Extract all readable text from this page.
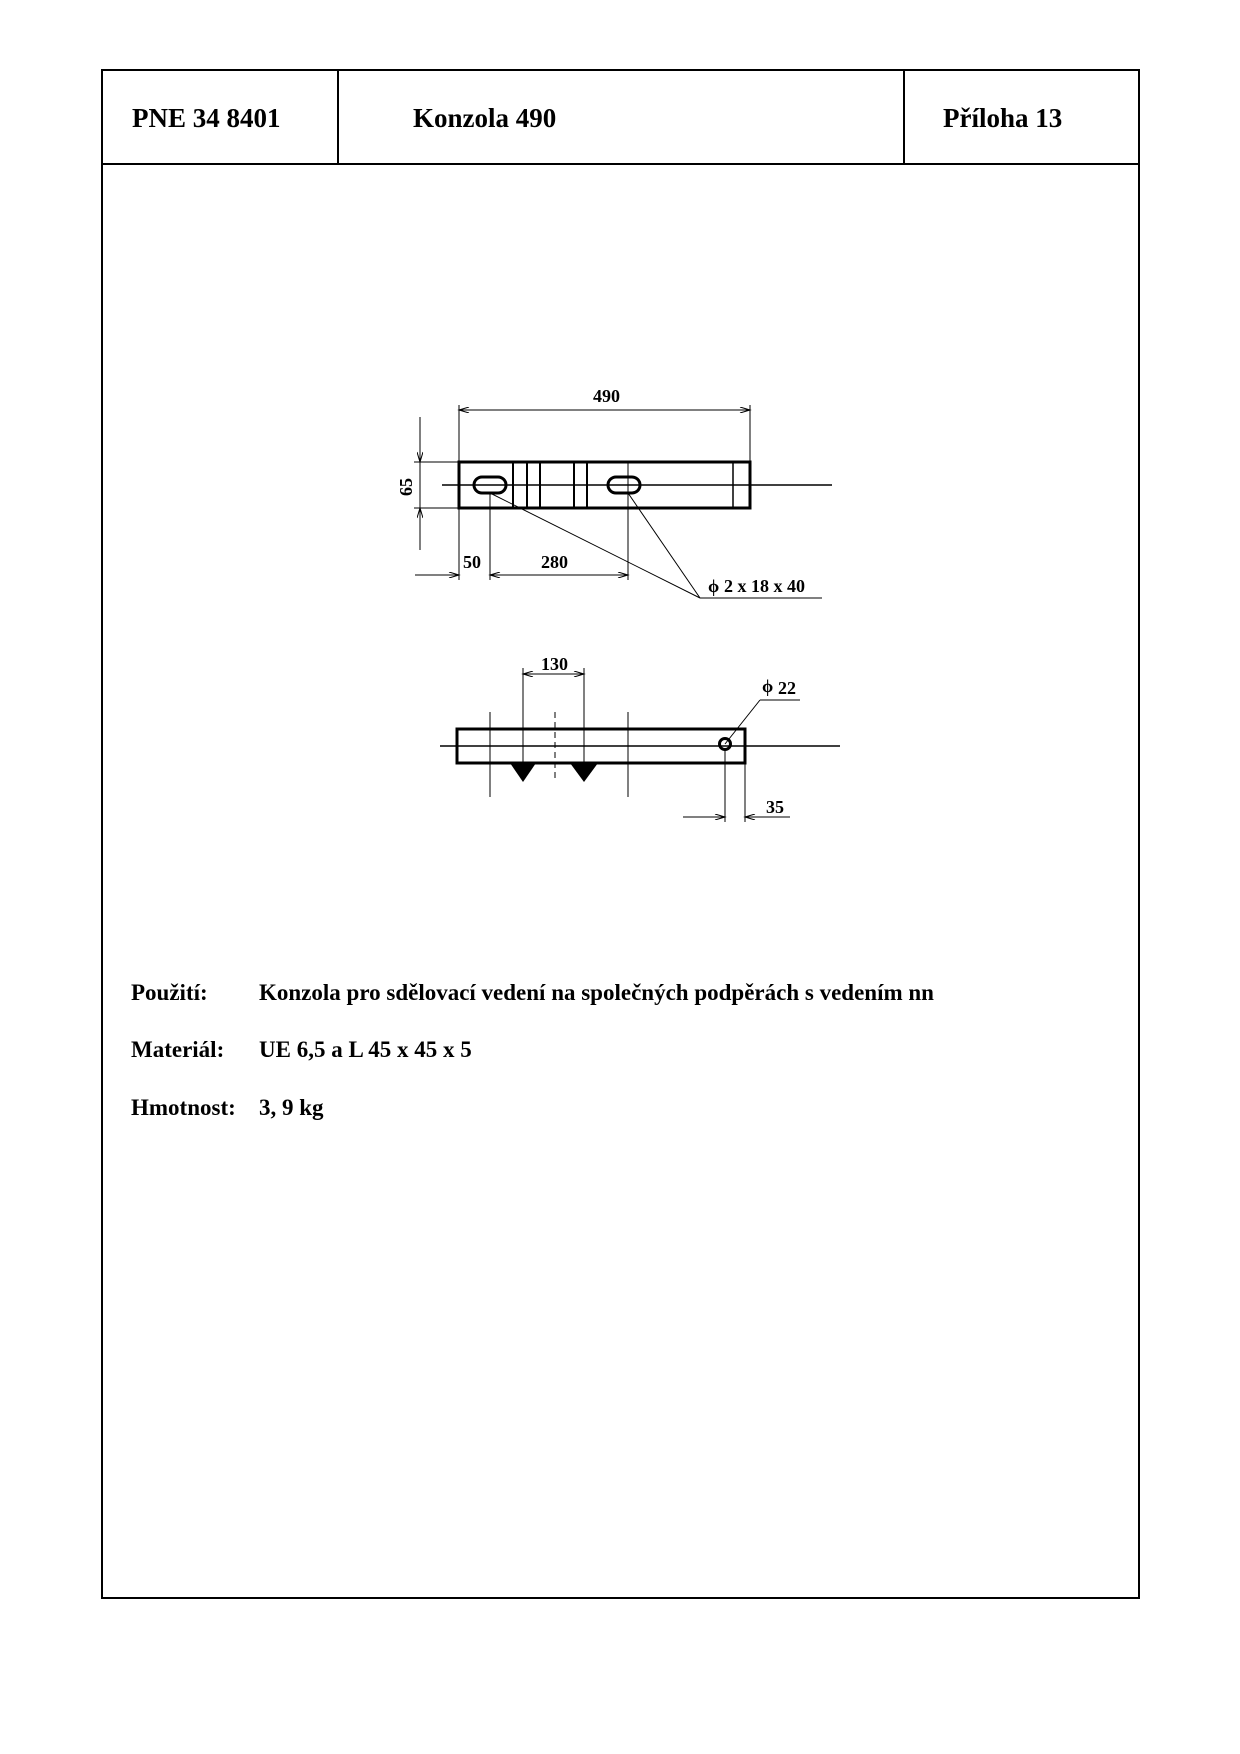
PNE 34 8401	Konzola 490	Příloha 13
490
65
50	280
ϕ 2 x 18 x 40
130
ϕ 22
35
Použití: Konzola pro sdělovací vedení na společných podpěrách s vedením nn
Materiál: UE 6,5 a L 45 x 45 x 5
Hmotnost: 3, 9 kg
